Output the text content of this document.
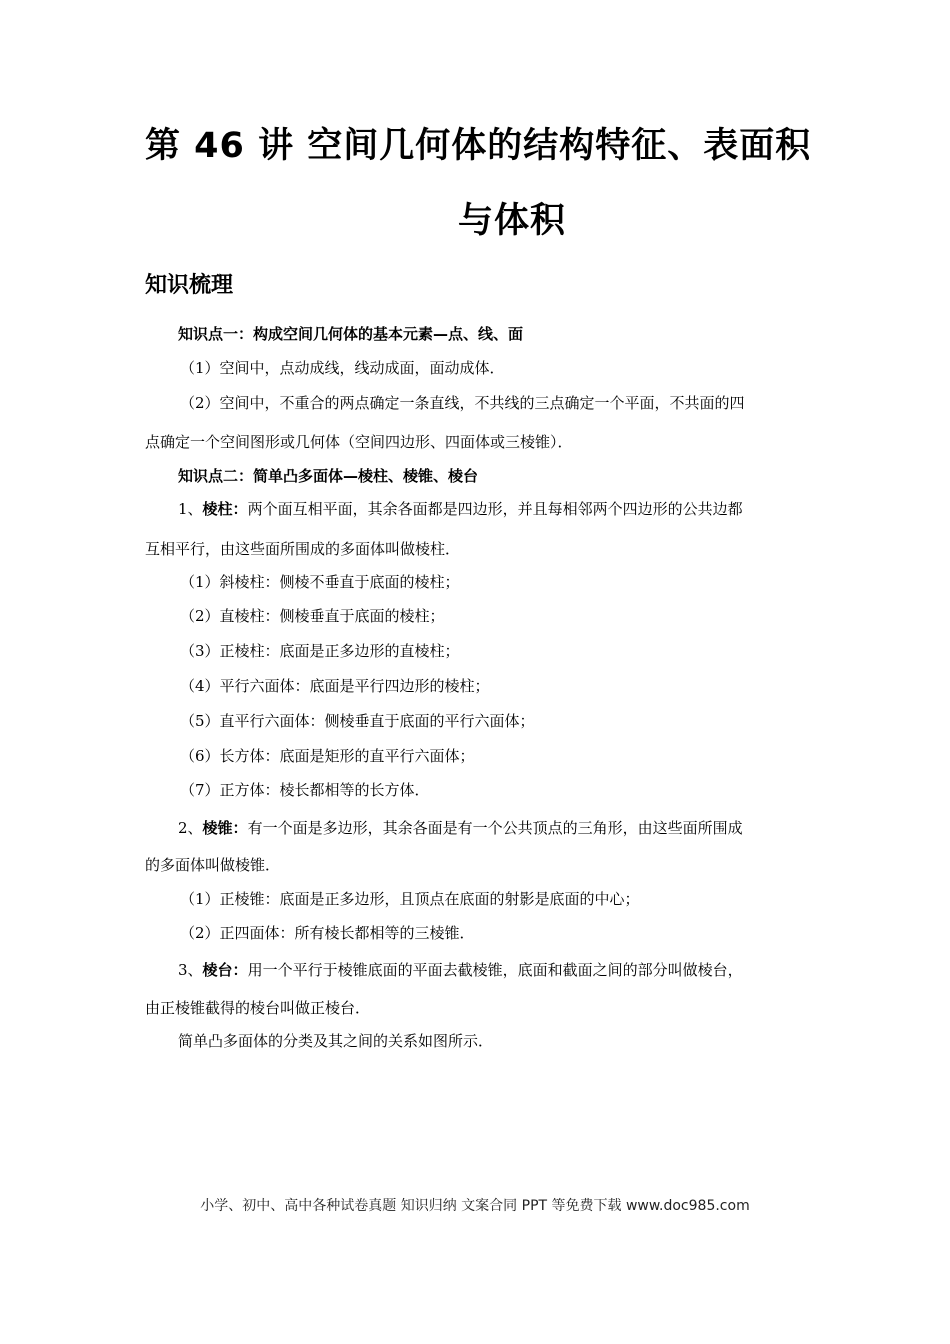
第 46 讲 空间几何体的结构特征、表面积
与体积
知识梳理
知识点一：构成空间几何体的基本元素—点、线、面
（1）空间中，点动成线，线动成面，面动成体．
（2）空间中，不重合的两点确定一条直线，不共线的三点确定一个平面，不共面的四
点确定一个空间图形或几何体（空间四边形、四面体或三棱锥）．
知识点二：简单凸多面体—棱柱、棱锥、棱台
1、棱柱：两个面互相平面，其余各面都是四边形，并且每相邻两个四边形的公共边都
互相平行，由这些面所围成的多面体叫做棱柱．
（1）斜棱柱：侧棱不垂直于底面的棱柱；
（2）直棱柱：侧棱垂直于底面的棱柱；
（3）正棱柱：底面是正多边形的直棱柱；
（4）平行六面体：底面是平行四边形的棱柱；
（5）直平行六面体：侧棱垂直于底面的平行六面体；
（6）长方体：底面是矩形的直平行六面体；
（7）正方体：棱长都相等的长方体．
2、棱锥：有一个面是多边形，其余各面是有一个公共顶点的三角形，由这些面所围成
的多面体叫做棱锥．
（1）正棱锥：底面是正多边形，且顶点在底面的射影是底面的中心；
（2）正四面体：所有棱长都相等的三棱锥．
3、棱台：用一个平行于棱锥底面的平面去截棱锥，底面和截面之间的部分叫做棱台，
由正棱锥截得的棱台叫做正棱台．
简单凸多面体的分类及其之间的关系如图所示．
小学、初中、高中各种试卷真题 知识归纳 文案合同 PPT 等免费下载 www.doc985.com
